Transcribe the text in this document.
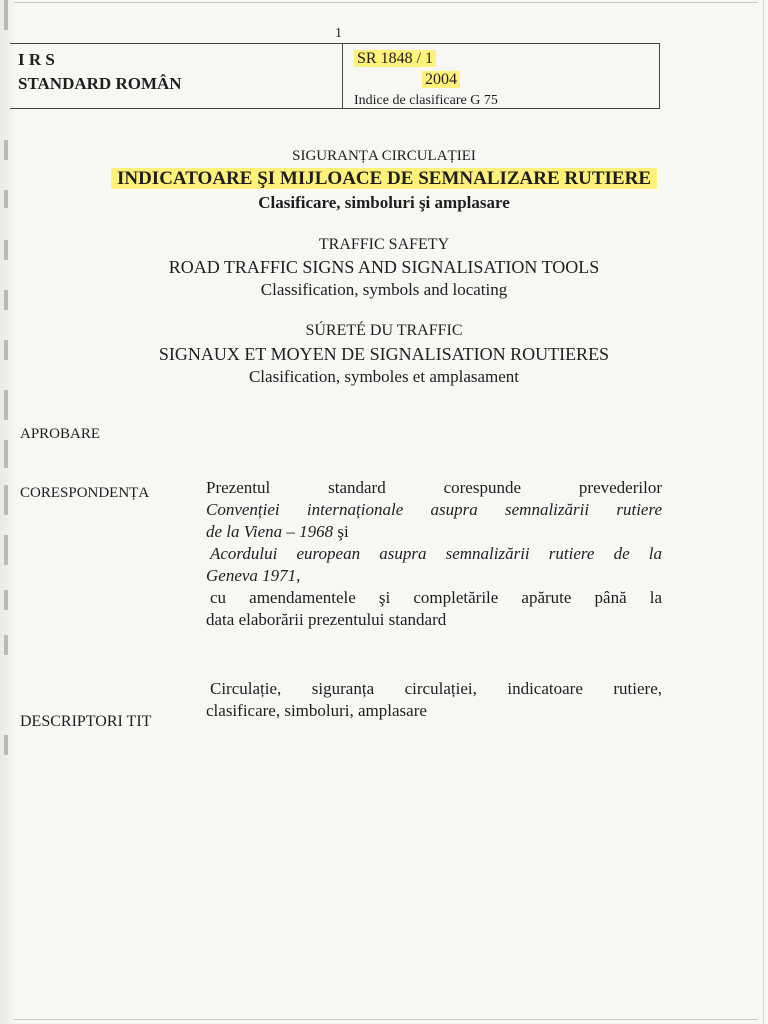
1
I R S
STANDARD ROMÂN
SR 1848 / 1
2004
Indice de clasificare G 75
SIGURANȚA CIRCULAȚIEI
INDICATOARE ŞI MIJLOACE DE SEMNALIZARE RUTIERE
Clasificare, simboluri şi amplasare
TRAFFIC SAFETY
ROAD TRAFFIC SIGNS AND SIGNALISATION TOOLS
Classification, symbols and locating
SÚRETÉ DU TRAFFIC
SIGNAUX ET MOYEN DE SIGNALISATION ROUTIERES
Clasification, symboles et amplasament
APROBARE
CORESPONDENȚA	Prezentul standard corespunde prevederilor
Convenției internaționale asupra semnalizării rutiere
de la Viena – 1968 şi
Acordului european asupra semnalizării rutiere de la
Geneva 1971,
cu amendamentele şi completările apărute până la
data elaborării prezentului standard
Circulație, siguranța circulației, indicatoare rutiere,
clasificare, simboluri, amplasare
DESCRIPTORI TIT
